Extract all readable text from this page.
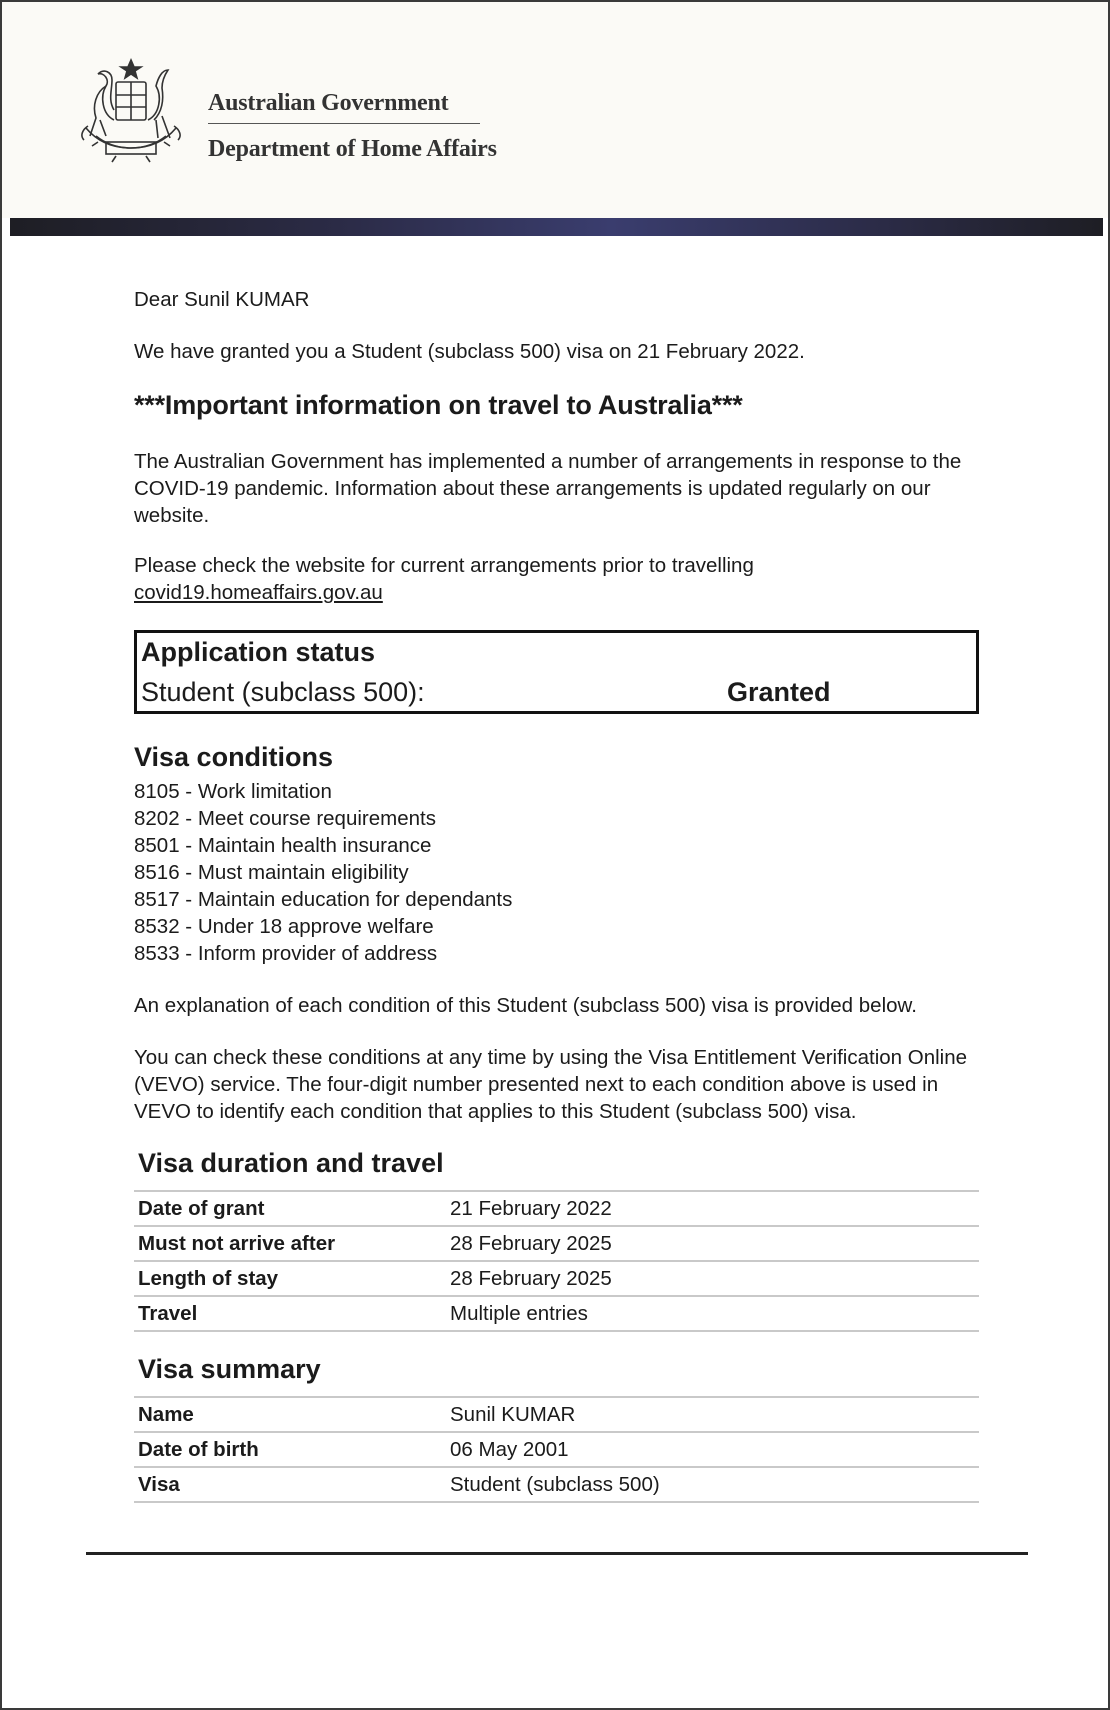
Australian Government
Department of Home Affairs

Dear Sunil KUMAR

We have granted you a Student (subclass 500) visa on 21 February 2022.

***Important information on travel to Australia***

The Australian Government has implemented a number of arrangements in response to the COVID-19 pandemic. Information about these arrangements is updated regularly on our website.

Please check the website for current arrangements prior to travelling

covid19.homeaffairs.gov.au

Application status
Student (subclass 500):	Granted
Visa conditions
8105 - Work limitation
8202 - Meet course requirements
8501 - Maintain health insurance
8516 - Must maintain eligibility
8517 - Maintain education for dependants
8532 - Under 18 approve welfare
8533 - Inform provider of address

An explanation of each condition of this Student (subclass 500) visa is provided below.

You can check these conditions at any time by using the Visa Entitlement Verification Online (VEVO) service. The four-digit number presented next to each condition above is used in VEVO to identify each condition that applies to this Student (subclass 500) visa.

Visa duration and travel
Date of grant	21 February 2022
Must not arrive after	28 February 2025
Length of stay	28 February 2025
Travel	Multiple entries
Visa summary
Name	Sunil KUMAR
Date of birth	06 May 2001
Visa	Student (subclass 500)
